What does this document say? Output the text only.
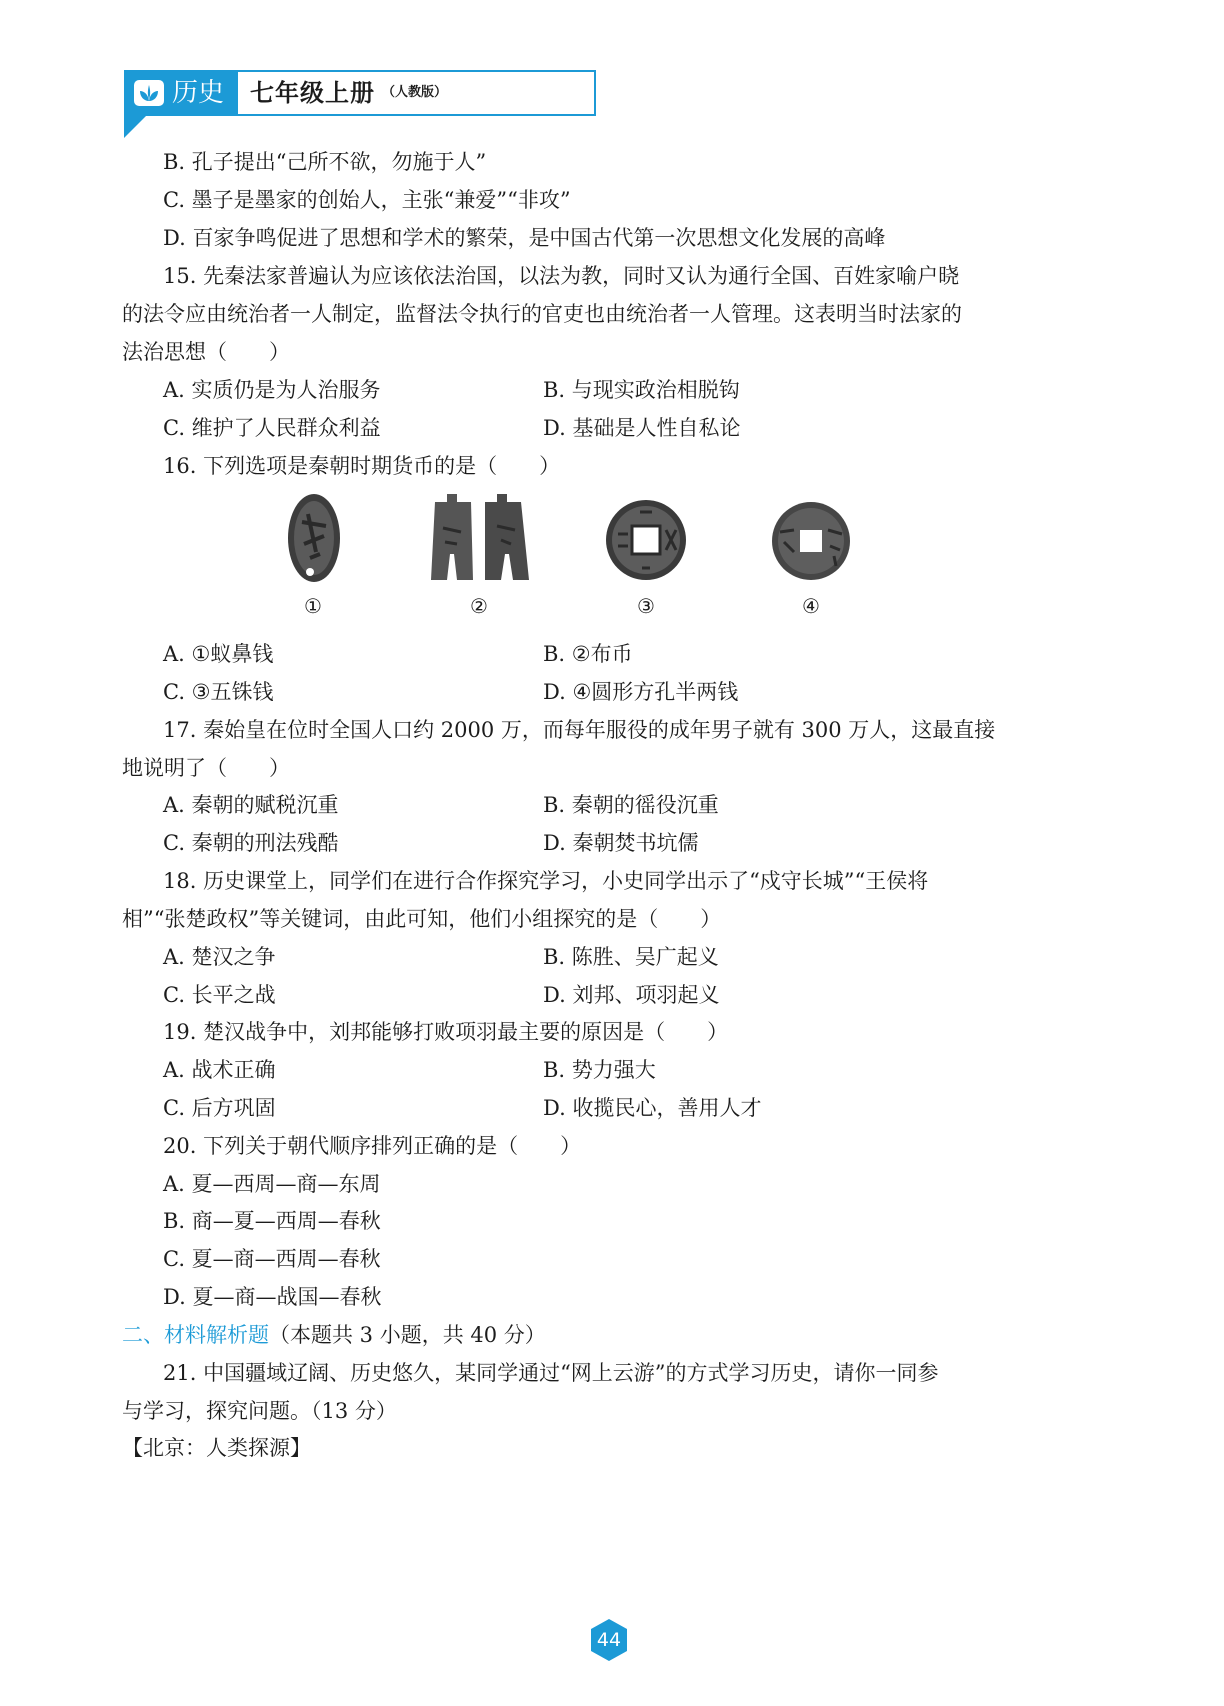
历史 七年级上册 （人教版）
B. 孔子提出“己所不欲，勿施于人”
C. 墨子是墨家的创始人，主张“兼爱”“非攻”
D. 百家争鸣促进了思想和学术的繁荣，是中国古代第一次思想文化发展的高峰
15. 先秦法家普遍认为应该依法治国，以法为教，同时又认为通行全国、百姓家喻户晓
的法令应由统治者一人制定，监督法令执行的官吏也由统治者一人管理。这表明当时法家的
法治思想（　　）
A. 实质仍是为人治服务	B. 与现实政治相脱钩
C. 维护了人民群众利益	D. 基础是人性自私论
16. 下列选项是秦朝时期货币的是（　　）
①	②	③	④
A. ①蚁鼻钱	B. ②布币
C. ③五铢钱	D. ④圆形方孔半两钱
17. 秦始皇在位时全国人口约 2000 万，而每年服役的成年男子就有 300 万人，这最直接
地说明了（　　）
A. 秦朝的赋税沉重	B. 秦朝的徭役沉重
C. 秦朝的刑法残酷	D. 秦朝焚书坑儒
18. 历史课堂上，同学们在进行合作探究学习，小史同学出示了“戍守长城”“王侯将
相”“张楚政权”等关键词，由此可知，他们小组探究的是（　　）
A. 楚汉之争	B. 陈胜、吴广起义
C. 长平之战	D. 刘邦、项羽起义
19. 楚汉战争中，刘邦能够打败项羽最主要的原因是（　　）
A. 战术正确	B. 势力强大
C. 后方巩固	D. 收揽民心，善用人才
20. 下列关于朝代顺序排列正确的是（　　）
A. 夏—西周—商—东周
B. 商—夏—西周—春秋
C. 夏—商—西周—春秋
D. 夏—商—战国—春秋
二、材料解析题（本题共 3 小题，共 40 分）
21. 中国疆域辽阔、历史悠久，某同学通过“网上云游”的方式学习历史，请你一同参
与学习，探究问题。（13 分）
【北京：人类探源】
44
